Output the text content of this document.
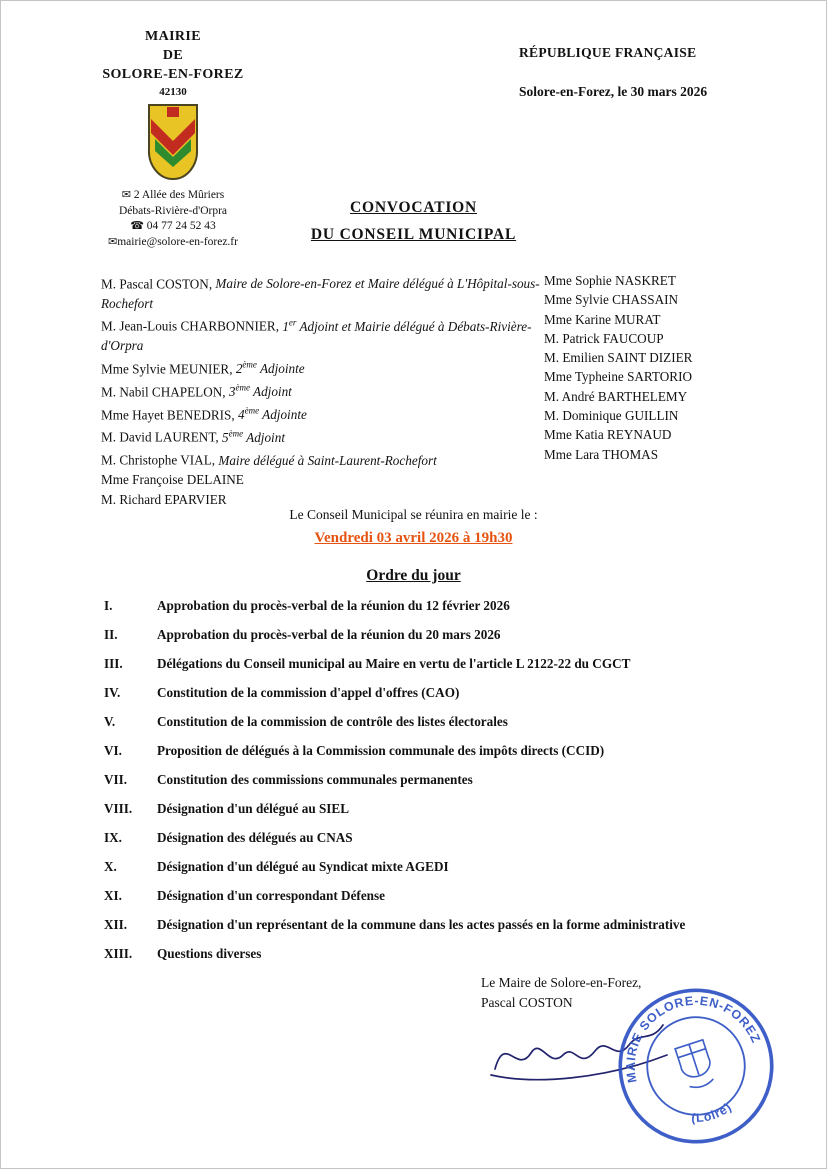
MAIRIE
DE
SOLORE-EN-FOREZ
42130
✉ 2 Allée des Mûriers
Débats-Rivière-d'Orpra
☎ 04 77 24 52 43
✉mairie@solore-en-forez.fr
RÉPUBLIQUE FRANÇAISE
Solore-en-Forez, le 30 mars 2026
CONVOCATION
DU CONSEIL MUNICIPAL

M. Pascal COSTON, Maire de Solore-en-Forez et Maire délégué à L'Hôpital-sous-Rochefort

M. Jean-Louis CHARBONNIER, 1er Adjoint et Mairie délégué à Débats-Rivière-d'Orpra

Mme Sylvie MEUNIER, 2ème Adjointe

M. Nabil CHAPELON, 3ème Adjoint

Mme Hayet BENEDRIS, 4ème Adjointe

M. David LAURENT, 5ème Adjoint

M. Christophe VIAL, Maire délégué à Saint-Laurent-Rochefort

Mme Françoise DELAINE

M. Richard EPARVIER

Mme Sophie NASKRET

Mme Sylvie CHASSAIN

Mme Karine MURAT

M. Patrick FAUCOUP

M. Emilien SAINT DIZIER

Mme Typheine SARTORIO

M. André BARTHELEMY

M. Dominique GUILLIN

Mme Katia REYNAUD

Mme Lara THOMAS

Le Conseil Municipal se réunira en mairie le :
Vendredi 03 avril 2026 à 19h30
Ordre du jour
I.	Approbation du procès-verbal de la réunion du 12 février 2026
II.	Approbation du procès-verbal de la réunion du 20 mars 2026
III.	Délégations du Conseil municipal au Maire en vertu de l'article L 2122-22 du CGCT
IV.	Constitution de la commission d'appel d'offres (CAO)
V.	Constitution de la commission de contrôle des listes électorales
VI.	Proposition de délégués à la Commission communale des impôts directs (CCID)
VII.	Constitution des commissions communales permanentes
VIII.	Désignation d'un délégué au SIEL
IX.	Désignation des délégués au CNAS
X.	Désignation d'un délégué au Syndicat mixte AGEDI
XI.	Désignation d'un correspondant Défense
XII.	Désignation d'un représentant de la commune dans les actes passés en la forme administrative
XIII.	Questions diverses
Le Maire de Solore-en-Forez,
Pascal COSTON
MAIRIE SOLORE-EN-FOREZ
(Loire)
